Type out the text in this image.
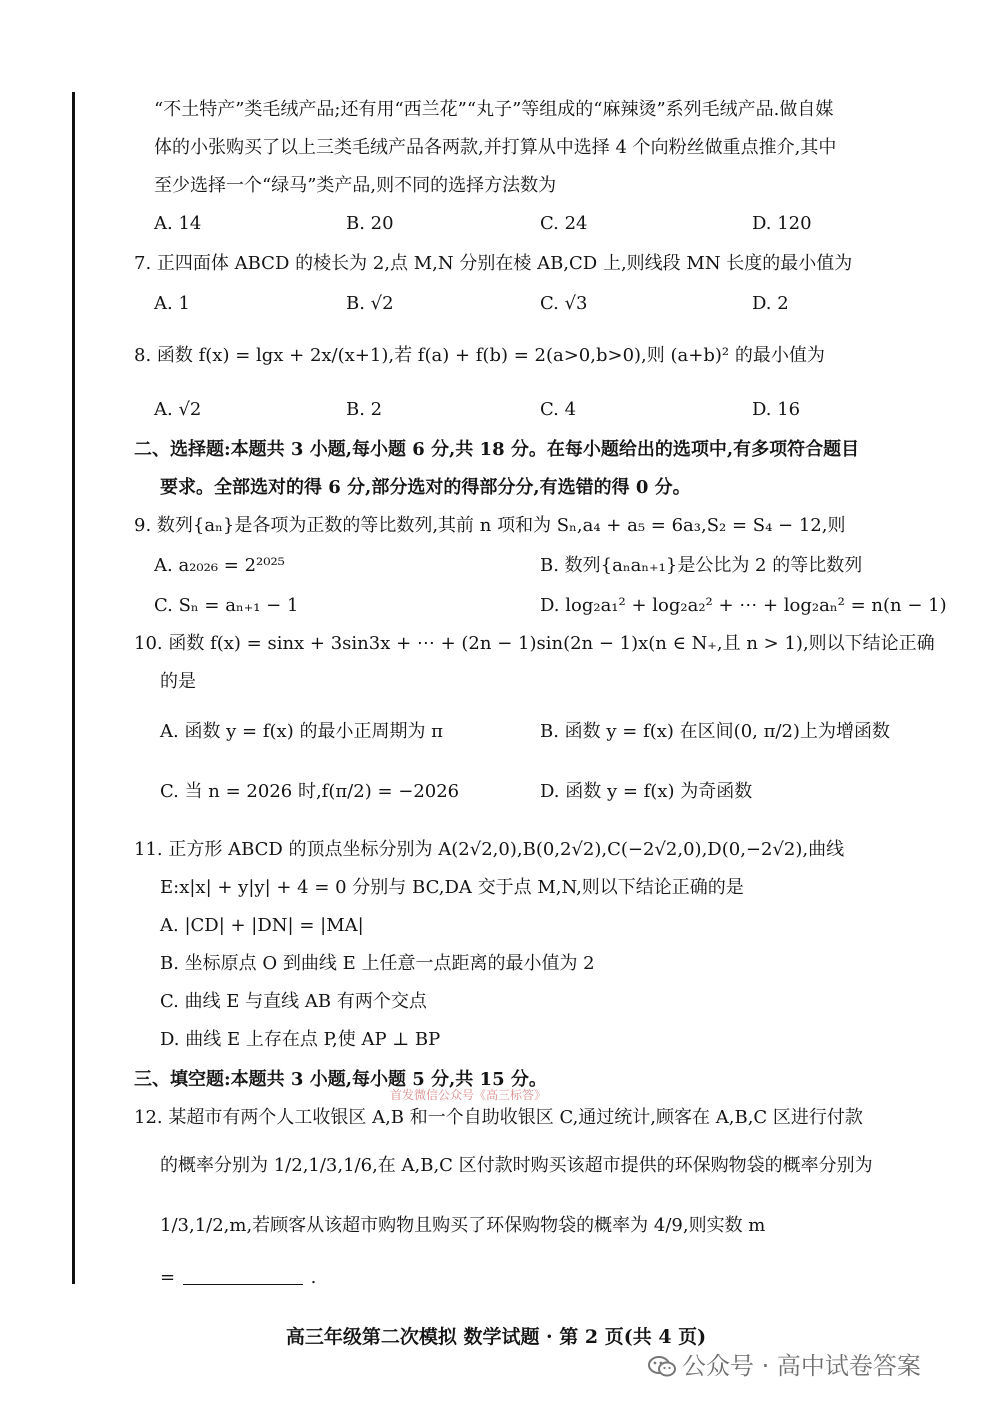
“不土特产”类毛绒产品;还有用“西兰花”“丸子”等组成的“麻辣烫”系列毛绒产品.做自媒
体的小张购买了以上三类毛绒产品各两款,并打算从中选择 4 个向粉丝做重点推介,其中
至少选择一个“绿马”类产品,则不同的选择方法数为
A. 14	B. 20	C. 24	D. 120
7. 正四面体 ABCD 的棱长为 2,点 M,N 分别在棱 AB,CD 上,则线段 MN 长度的最小值为
A. 1	B. √2	C. √3	D. 2
8. 函数 f(x) = lgx + 2x/(x+1),若 f(a) + f(b) = 2(a>0,b>0),则 (a+b)² 的最小值为
A. √2	B. 2	C. 4	D. 16
二、选择题:本题共 3 小题,每小题 6 分,共 18 分。在每小题给出的选项中,有多项符合题目
要求。全部选对的得 6 分,部分选对的得部分分,有选错的得 0 分。
9. 数列{aₙ}是各项为正数的等比数列,其前 n 项和为 Sₙ,a₄ + a₅ = 6a₃,S₂ = S₄ − 12,则
A. a₂₀₂₆ = 2²⁰²⁵	B. 数列{aₙaₙ₊₁}是公比为 2 的等比数列
C. Sₙ = aₙ₊₁ − 1	D. log₂a₁² + log₂a₂² + ⋯ + log₂aₙ² = n(n − 1)
10. 函数 f(x) = sinx + 3sin3x + ⋯ + (2n − 1)sin(2n − 1)x(n ∈ N₊,且 n > 1),则以下结论正确
的是
A. 函数 y = f(x) 的最小正周期为 π	B. 函数 y = f(x) 在区间(0, π/2)上为增函数
C. 当 n = 2026 时,f(π/2) = −2026	D. 函数 y = f(x) 为奇函数
11. 正方形 ABCD 的顶点坐标分别为 A(2√2,0),B(0,2√2),C(−2√2,0),D(0,−2√2),曲线
E:x|x| + y|y| + 4 = 0 分别与 BC,DA 交于点 M,N,则以下结论正确的是
A. |CD| + |DN| = |MA|
B. 坐标原点 O 到曲线 E 上任意一点距离的最小值为 2
C. 曲线 E 与直线 AB 有两个交点
D. 曲线 E 上存在点 P,使 AP ⊥ BP
三、填空题:本题共 3 小题,每小题 5 分,共 15 分。
首发微信公众号《高三标答》
12. 某超市有两个人工收银区 A,B 和一个自助收银区 C,通过统计,顾客在 A,B,C 区进行付款
的概率分别为 1/2,1/3,1/6,在 A,B,C 区付款时购买该超市提供的环保购物袋的概率分别为
1/3,1/2,m,若顾客从该超市购物且购买了环保购物袋的概率为 4/9,则实数 m
=	.
高三年级第二次模拟 数学试题 · 第 2 页(共 4 页)
公众号 · 高中试卷答案
